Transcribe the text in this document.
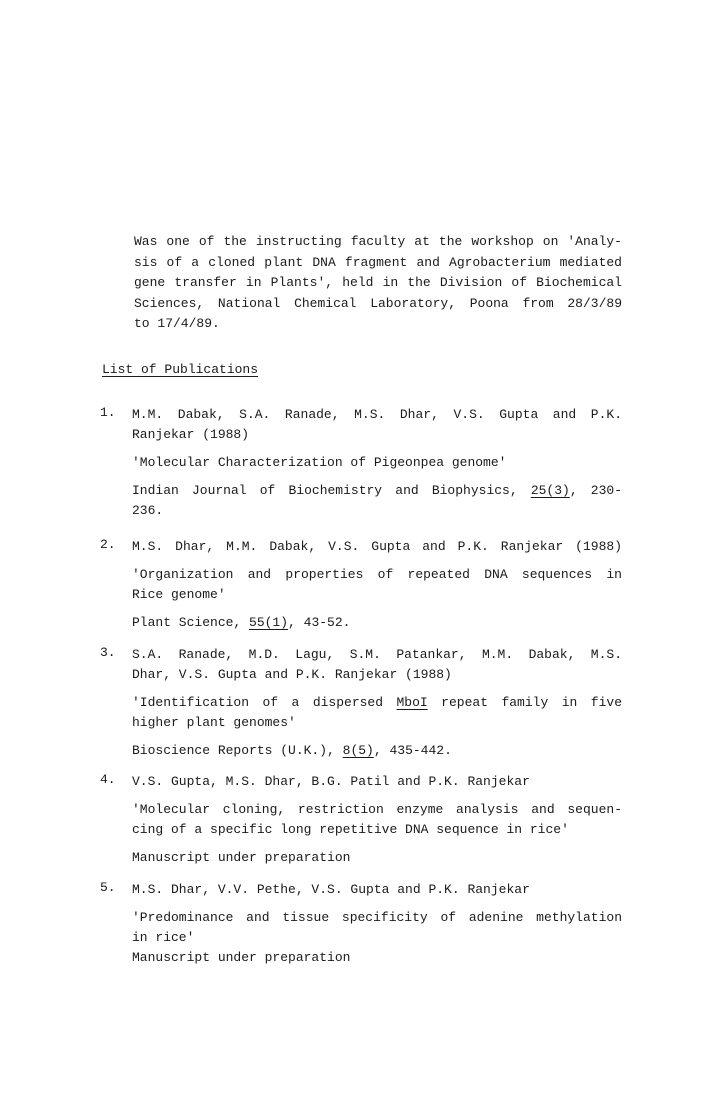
Was one of the instructing faculty at the workshop on 'Analy-
sis of a cloned plant DNA fragment and Agrobacterium mediated
gene transfer in Plants', held in the Division of Biochemical
Sciences, National Chemical Laboratory, Poona from 28/3/89
to 17/4/89.
List of Publications
1. M.M. Dabak, S.A. Ranade, M.S. Dhar, V.S. Gupta and P.K.
Ranjekar (1988)
'Molecular Characterization of Pigeonpea genome'
Indian Journal of Biochemistry and Biophysics, 25(3), 230-
236.
2. M.S. Dhar, M.M. Dabak, V.S. Gupta and P.K. Ranjekar (1988)
'Organization and properties of repeated DNA sequences in
Rice genome'
Plant Science, 55(1), 43-52.
3. S.A. Ranade, M.D. Lagu, S.M. Patankar, M.M. Dabak, M.S.
Dhar, V.S. Gupta and P.K. Ranjekar (1988)
'Identification of a dispersed MboI repeat family in five
higher plant genomes'
Bioscience Reports (U.K.), 8(5), 435-442.
4. V.S. Gupta, M.S. Dhar, B.G. Patil and P.K. Ranjekar
'Molecular cloning, restriction enzyme analysis and sequen-
cing of a specific long repetitive DNA sequence in rice'
Manuscript under preparation
5. M.S. Dhar, V.V. Pethe, V.S. Gupta and P.K. Ranjekar
'Predominance and tissue specificity of adenine methylation
in rice'
Manuscript under preparation
